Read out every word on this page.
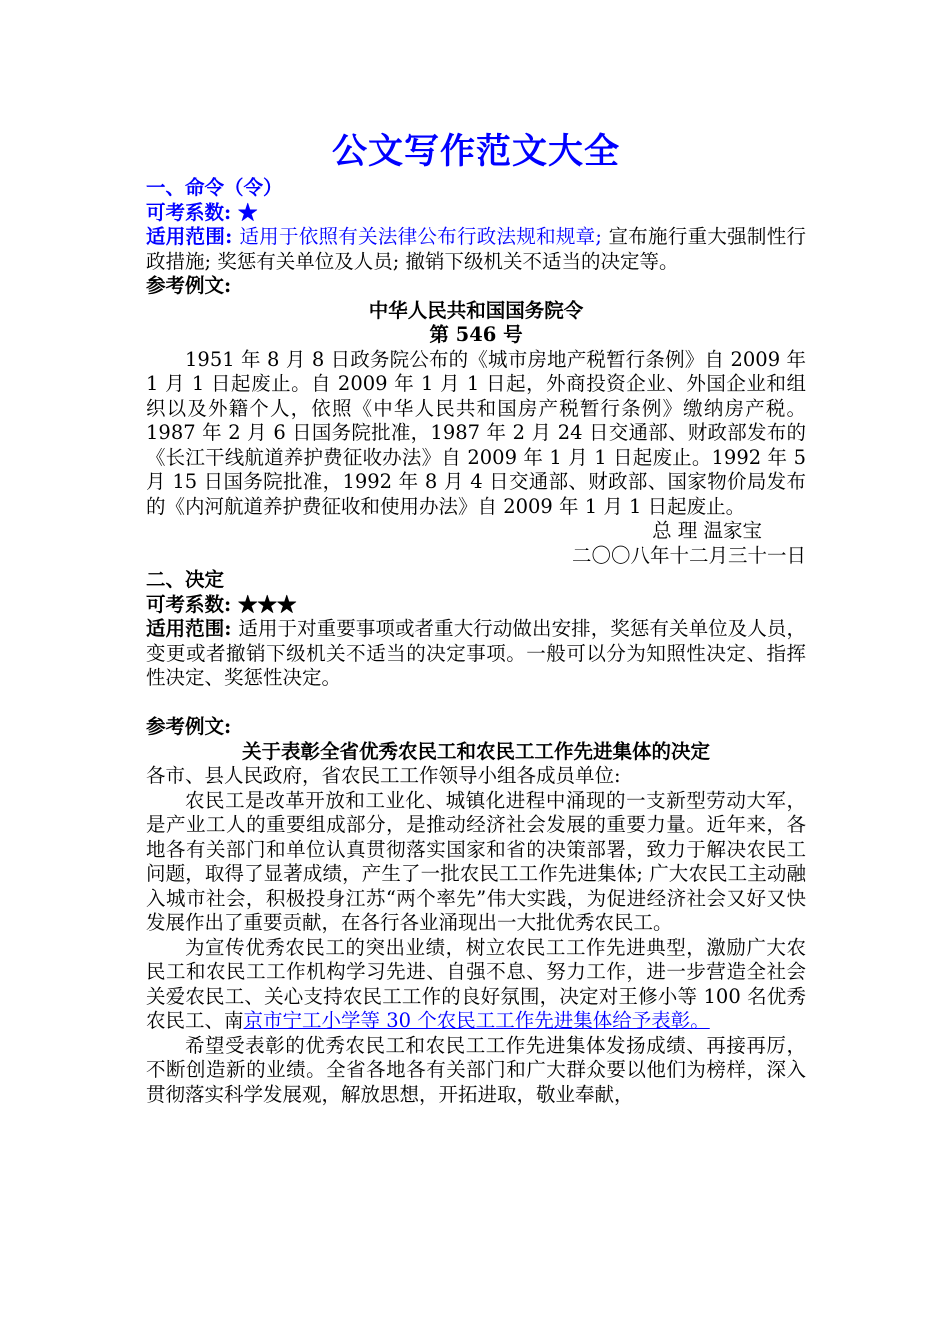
公文写作范文大全

一、命令（令）

可考系数: ★

适用范围: 适用于依照有关法律公布行政法规和规章; 宣布施行重大强制性行政措施; 奖惩有关单位及人员; 撤销下级机关不适当的决定等。

参考例文:

中华人民共和国国务院令

第 546 号

1951 年 8 月 8 日政务院公布的《城市房地产税暂行条例》自 2009 年 1 月 1 日起废止。自 2009 年 1 月 1 日起，外商投资企业、外国企业和组织以及外籍个人，依照《中华人民共和国房产税暂行条例》缴纳房产税。1987 年 2 月 6 日国务院批准，1987 年 2 月 24 日交通部、财政部发布的《长江干线航道养护费征收办法》自 2009 年 1 月 1 日起废止。1992 年 5 月 15 日国务院批准，1992 年 8 月 4 日交通部、财政部、国家物价局发布的《内河航道养护费征收和使用办法》自 2009 年 1 月 1 日起废止。

总 理 温家宝

二〇〇八年十二月三十一日

二、决定

可考系数: ★★★

适用范围: 适用于对重要事项或者重大行动做出安排，奖惩有关单位及人员，变更或者撤销下级机关不适当的决定事项。一般可以分为知照性决定、指挥性决定、奖惩性决定。

参考例文:

关于表彰全省优秀农民工和农民工工作先进集体的决定

各市、县人民政府，省农民工工作领导小组各成员单位:

农民工是改革开放和工业化、城镇化进程中涌现的一支新型劳动大军，是产业工人的重要组成部分，是推动经济社会发展的重要力量。近年来，各地各有关部门和单位认真贯彻落实国家和省的决策部署，致力于解决农民工问题，取得了显著成绩，产生了一批农民工工作先进集体; 广大农民工主动融入城市社会，积极投身江苏“两个率先”伟大实践，为促进经济社会又好又快发展作出了重要贡献，在各行各业涌现出一大批优秀农民工。

为宣传优秀农民工的突出业绩，树立农民工工作先进典型，激励广大农民工和农民工工作机构学习先进、自强不息、努力工作，进一步营造全社会关爱农民工、关心支持农民工工作的良好氛围，决定对王修小等 100 名优秀农民工、南京市宁工小学等 30 个农民工工作先进集体给予表彰。

希望受表彰的优秀农民工和农民工工作先进集体发扬成绩、再接再厉，不断创造新的业绩。全省各地各有关部门和广大群众要以他们为榜样，深入贯彻落实科学发展观，解放思想，开拓进取，敬业奉献，
